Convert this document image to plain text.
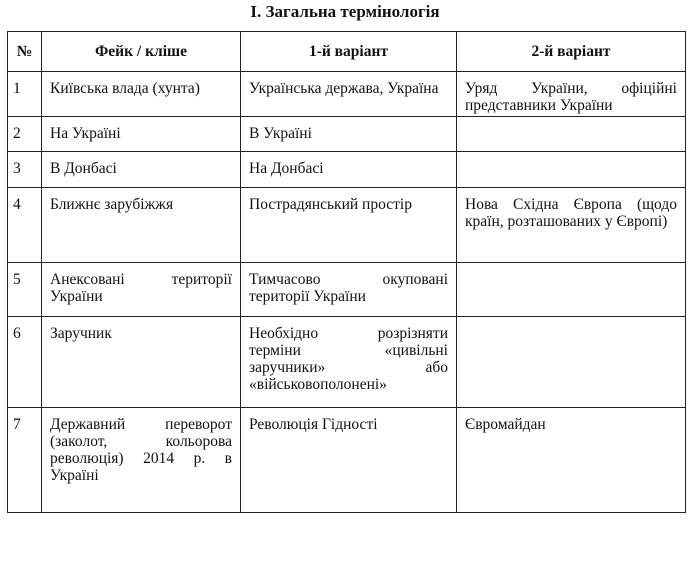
I. Загальна термінологія
№	Фейк / кліше	1-й варіант	2-й варіант
1	Київська влада (хунта)	Українська держава, Україна	Уряд України, офіційні представники України
2	На Україні	В Україні	
3	В Донбасі	На Донбасі	
4	Ближнє зарубіжжя	Пострадянський простір	Нова Східна Європа (щодо країн, розташованих у Європі)
5	Анексовані території України	Тимчасово окуповані території України	
6	Заручник	Необхідно розрізняти терміни «цивільні заручники» або «військовополонені»	
7	Державний переворот (заколот, кольорова революція) 2014 р. в Україні	Революція Гідності	Євромайдан
